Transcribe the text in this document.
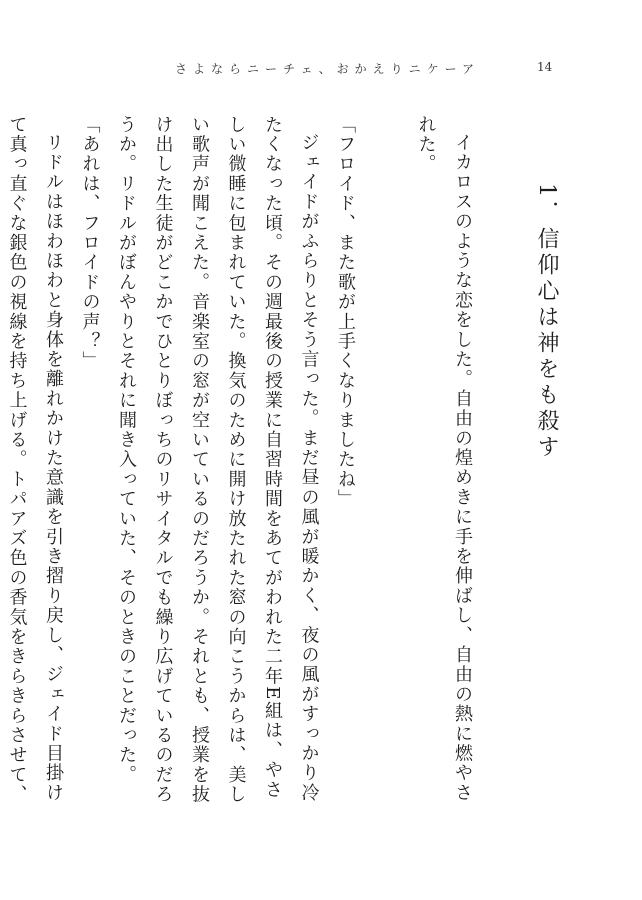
さよならニーチェ、おかえりニケーア	14
1．信仰心は神をも殺す

イカロスのような恋をした。自由の煌めきに手を伸ばし、自由の熱に燃やされた。

「フロイド、また歌が上手くなりましたね」

ジェイドがふらりとそう言った。まだ昼の風が暖かく、夜の風がすっかり冷たくなった頃。その週最後の授業に自習時間をあてがわれた二年E組は、やさしい微睡に包まれていた。換気のために開け放たれた窓の向こうからは、美しい歌声が聞こえた。音楽室の窓が空いているのだろうか。それとも、授業を抜け出した生徒がどこかでひとりぼっちのリサイタルでも繰り広げているのだろうか。リドルがぼんやりとそれに聞き入っていた、そのときのことだった。

「あれは、フロイドの声？」

リドルはほわほわと身体を離れかけた意識を引き摺り戻し、ジェイド目掛けて真っ直ぐな銀色の視線を持ち上げる。トパアズ色の香気をきらきらさせて、
